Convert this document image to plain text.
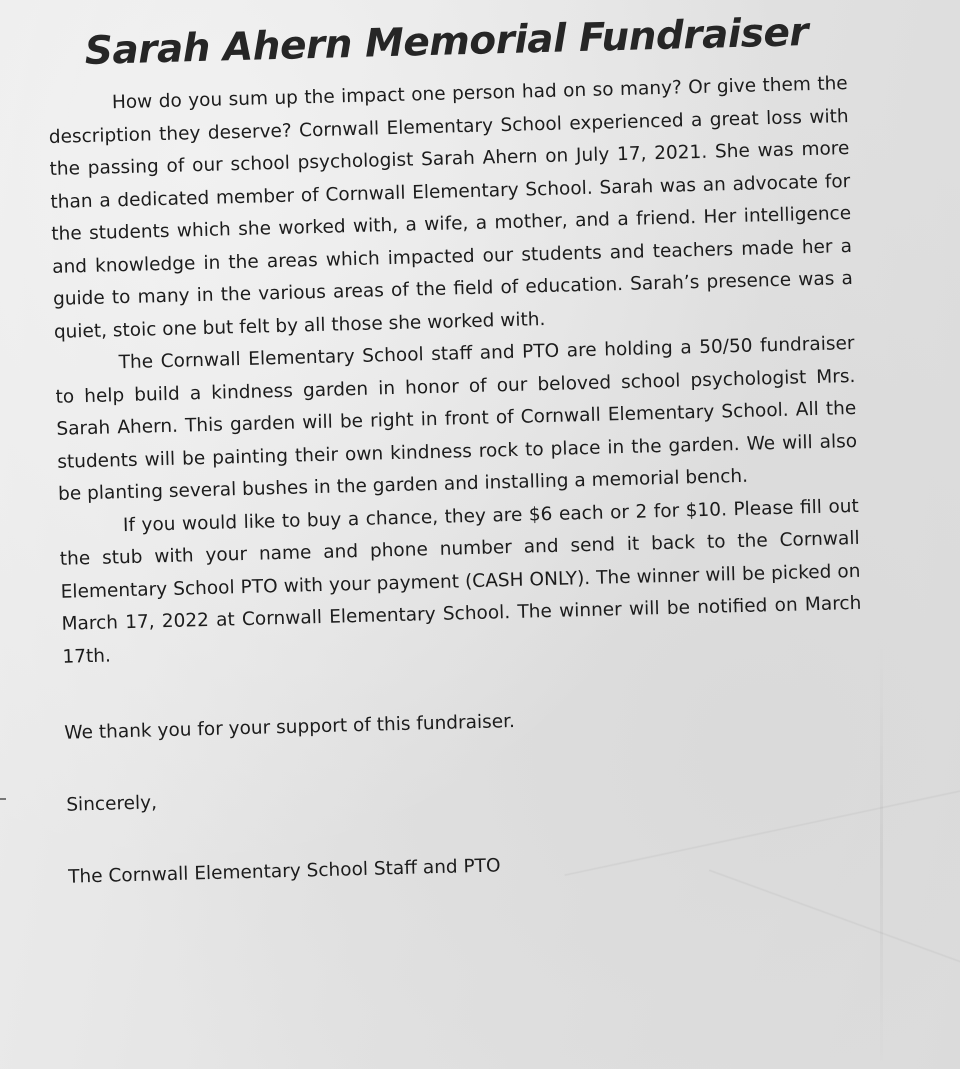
Sarah Ahern Memorial Fundraiser

How do you sum up the impact one person had on so many? Or give them the description they deserve? Cornwall Elementary School experienced a great loss with the passing of our school psychologist Sarah Ahern on July 17, 2021. She was more than a dedicated member of Cornwall Elementary School. Sarah was an advocate for the students which she worked with, a wife, a mother, and a friend. Her intelligence and knowledge in the areas which impacted our students and teachers made her a guide to many in the various areas of the field of education. Sarah’s presence was a quiet, stoic one but felt by all those she worked with.

The Cornwall Elementary School staff and PTO are holding a 50/50 fundraiser to help build a kindness garden in honor of our beloved school psychologist Mrs. Sarah Ahern. This garden will be right in front of Cornwall Elementary School. All the students will be painting their own kindness rock to place in the garden. We will also be planting several bushes in the garden and installing a memorial bench.

If you would like to buy a chance, they are $6 each or 2 for $10. Please fill out the stub with your name and phone number and send it back to the Cornwall Elementary School PTO with your payment (CASH ONLY). The winner will be picked on March 17, 2022 at Cornwall Elementary School. The winner will be notified on March 17th.

We thank you for your support of this fundraiser.

Sincerely,

The Cornwall Elementary School Staff and PTO
